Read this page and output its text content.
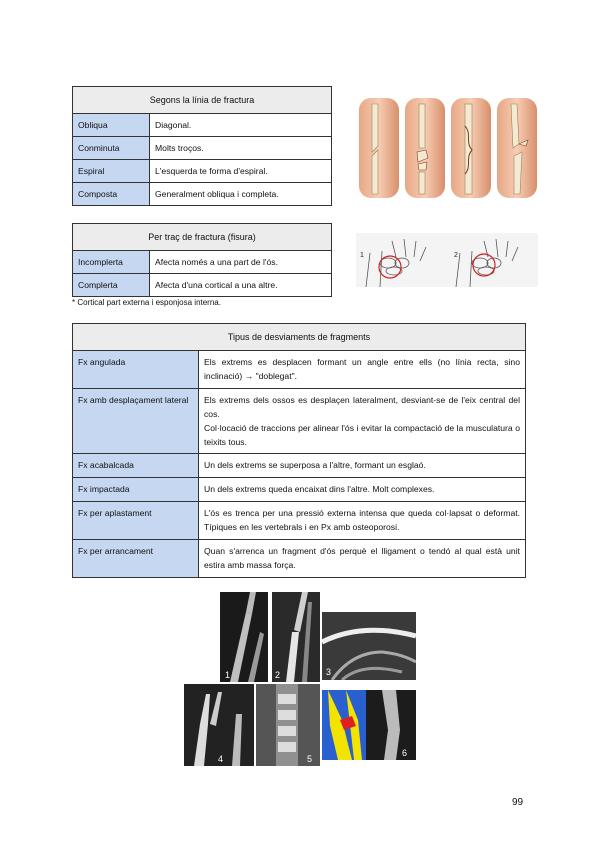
Segons la línia de fractura	
Obliqua	Diagonal.
Conminuta	Molts troços.
Espiral	L'esquerda te forma d'espiral.
Composta	Generalment obliqua i completa.
Per traç de fractura (fisura)	
Incomplerta	Afecta només a una part de l'ós.
Complerta	Afecta d'una cortical a una altre.
1	2
* Cortical part externa i esponjosa interna.
Tipus de desviaments de fragments	
Fx angulada	Els extrems es desplacen formant un angle entre ells (no línia recta, sino inclinació) → "doblegat".
Fx amb desplaçament lateral	Els extrems dels ossos es desplaçen lateralment, desviant-se de l'eix central del cos.
Col·locació de traccions per alinear l'ós i evitar la compactació de la musculatura o teixits tous.

Fx acabalcada	Un dels extrems se superposa a l'altre, formant un esglaó.
Fx impactada	Un dels extrems queda encaixat dins l'altre. Molt complexes.
Fx per aplastament	L'ós es trenca per una pressió externa intensa que queda col·lapsat o deformat. Típiques en les vertebrals i en Px amb osteoporosi.
Fx per arrancament	Quan s'arrenca un fragment d'ós perquè el lligament o tendó al qual està unit estira amb massa força.
1	2	3
4	5
6
99
